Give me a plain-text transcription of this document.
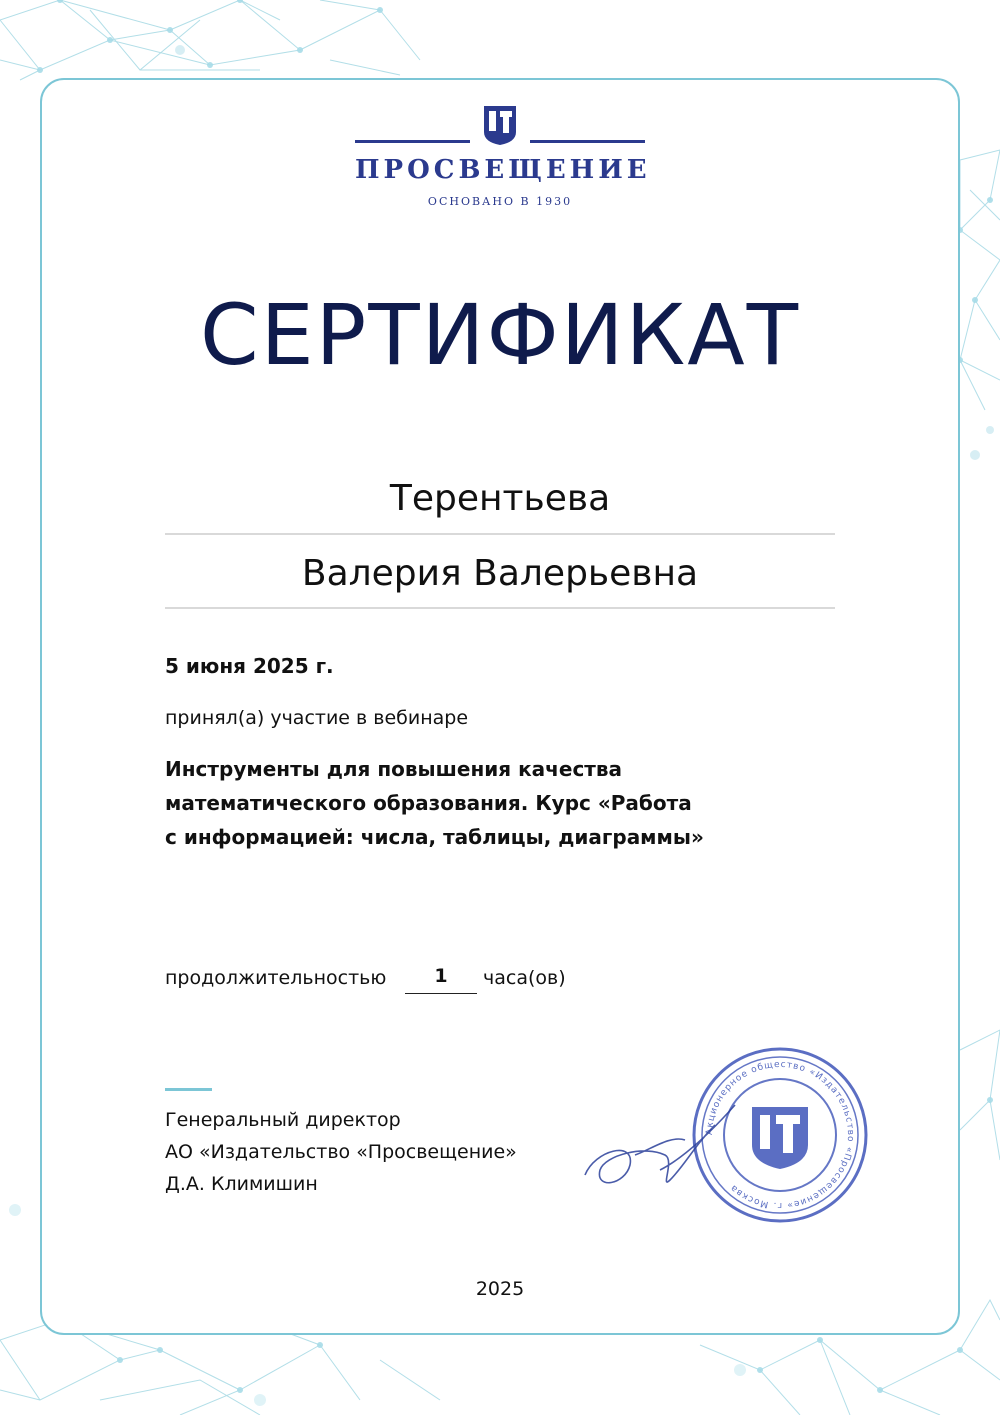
ПРОСВЕЩЕНИЕ
ОСНОВАНО В 1930
СЕРТИФИКАТ
Терентьева
Валерия Валерьевна
5 июня 2025 г.
принял(а) участие в вебинаре
Инструменты для повышения качества
математического образования. Курс «Работа
с информацией: числа, таблицы, диаграммы»
продолжительностью	1	часа(ов)
Генеральный директор
АО «Издательство «Просвещение»
Д.А. Климишин
Акционерное общество «Издательство «Просвещение» г. Москва
2025
